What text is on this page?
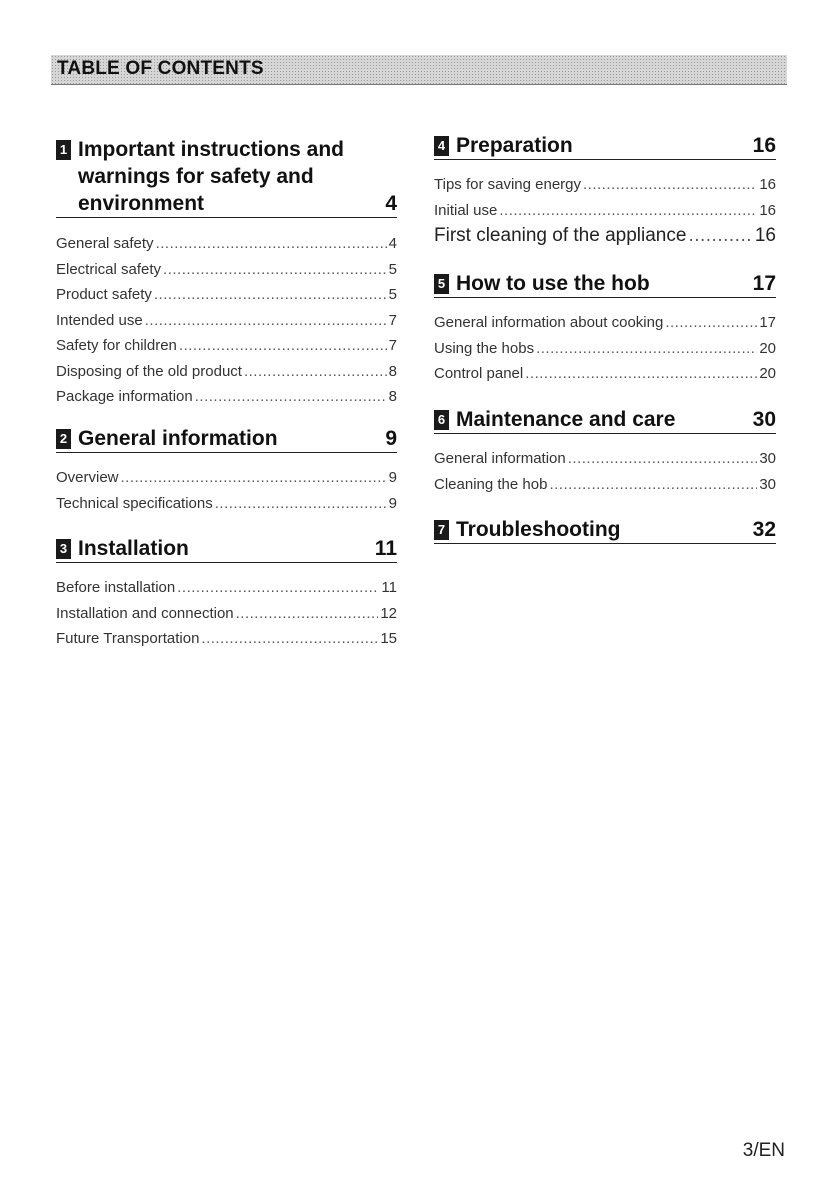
TABLE OF CONTENTS
1 Important instructions and
warnings for safety and
environment	4
General safety .....	4
Electrical safety .....	5
Product safety .....	5
Intended use .....	7
Safety for children .....	7
Disposing of the old product .....	8
Package information .....	8
2 General information	9
Overview .....	9
Technical specifications .....	9
3 Installation	11
Before installation .....	11
Installation and connection .....	12
Future Transportation .....	15
4 Preparation	16
Tips for saving energy .....	16
Initial use .....	16
First cleaning of the appliance .....	16
5 How to use the hob	17
General information about cooking .....	17
Using the hobs .....	20
Control panel .....	20
6 Maintenance and care	30
General information .....	30
Cleaning the hob .....	30
7 Troubleshooting	32
3/EN
